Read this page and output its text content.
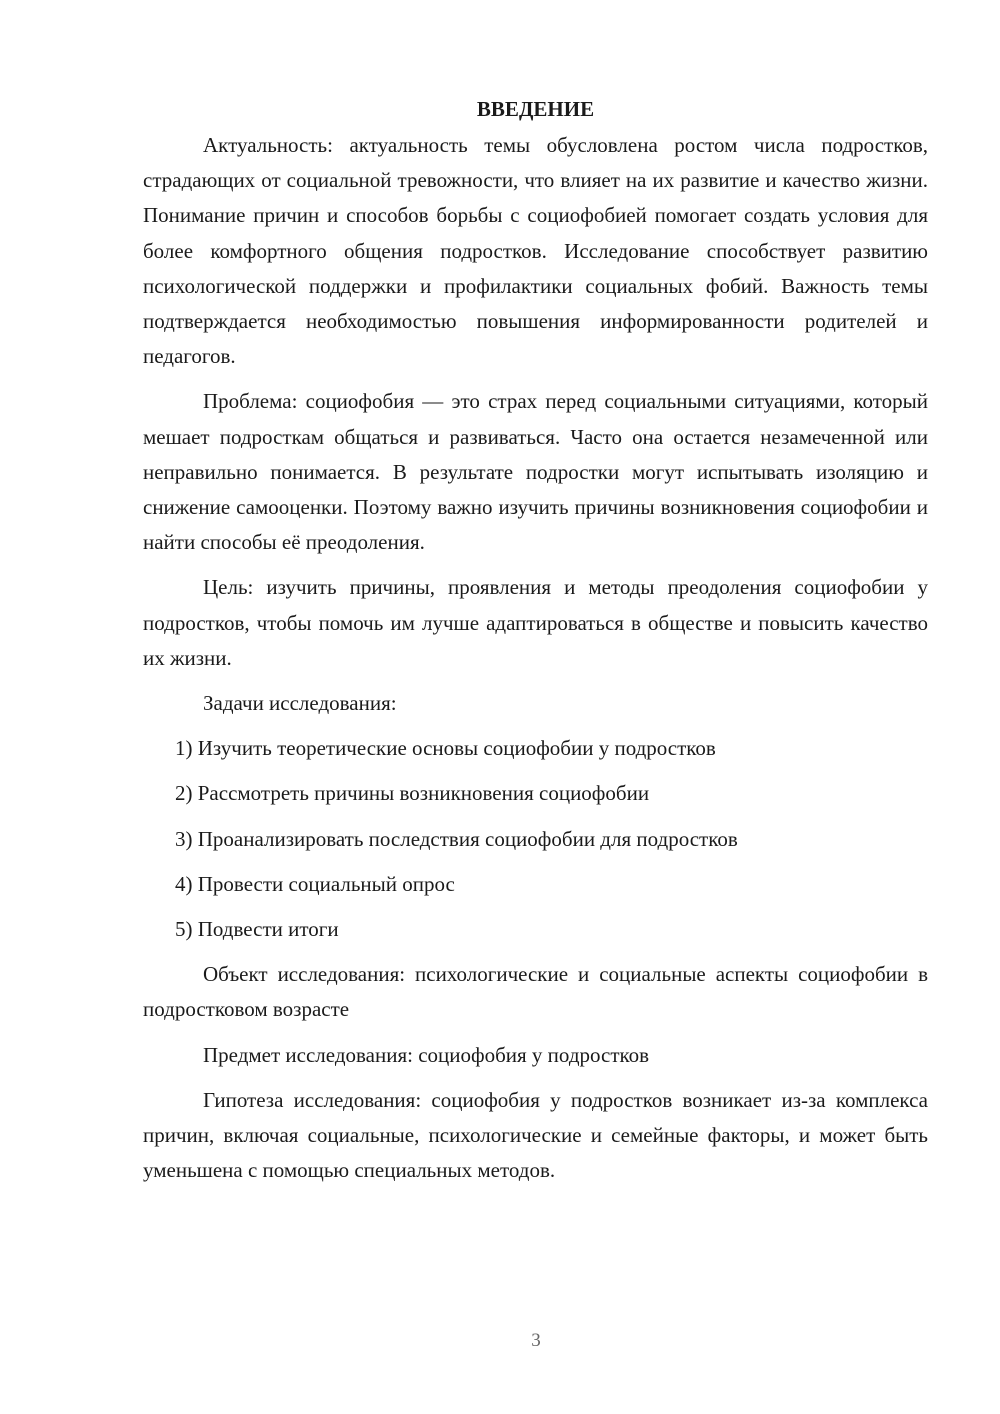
ВВЕДЕНИЕ

Актуальность: актуальность темы обусловлена ростом числа подростков, страдающих от социальной тревожности, что влияет на их развитие и качество жизни. Понимание причин и способов борьбы с социофобией помогает создать условия для более комфортного общения подростков. Исследование способствует развитию психологической поддержки и профилактики социальных фобий. Важность темы подтверждается необходимостью повышения информированности родителей и педагогов.

Проблема: социофобия — это страх перед социальными ситуациями, который мешает подросткам общаться и развиваться. Часто она остается незамеченной или неправильно понимается. В результате подростки могут испытывать изоляцию и снижение самооценки. Поэтому важно изучить причины возникновения социофобии и найти способы её преодоления.

Цель: изучить причины, проявления и методы преодоления социофобии у подростков, чтобы помочь им лучше адаптироваться в обществе и повысить качество их жизни.

Задачи исследования:

1) Изучить теоретические основы социофобии у подростков

2) Рассмотреть причины возникновения социофобии

3) Проанализировать последствия социофобии для подростков

4) Провести социальный опрос

5) Подвести итоги

Объект исследования: психологические и социальные аспекты социофобии в подростковом возрасте

Предмет исследования: социофобия у подростков

Гипотеза исследования: социофобия у подростков возникает из-за комплекса причин, включая социальные, психологические и семейные факторы, и может быть уменьшена с помощью специальных методов.

3
